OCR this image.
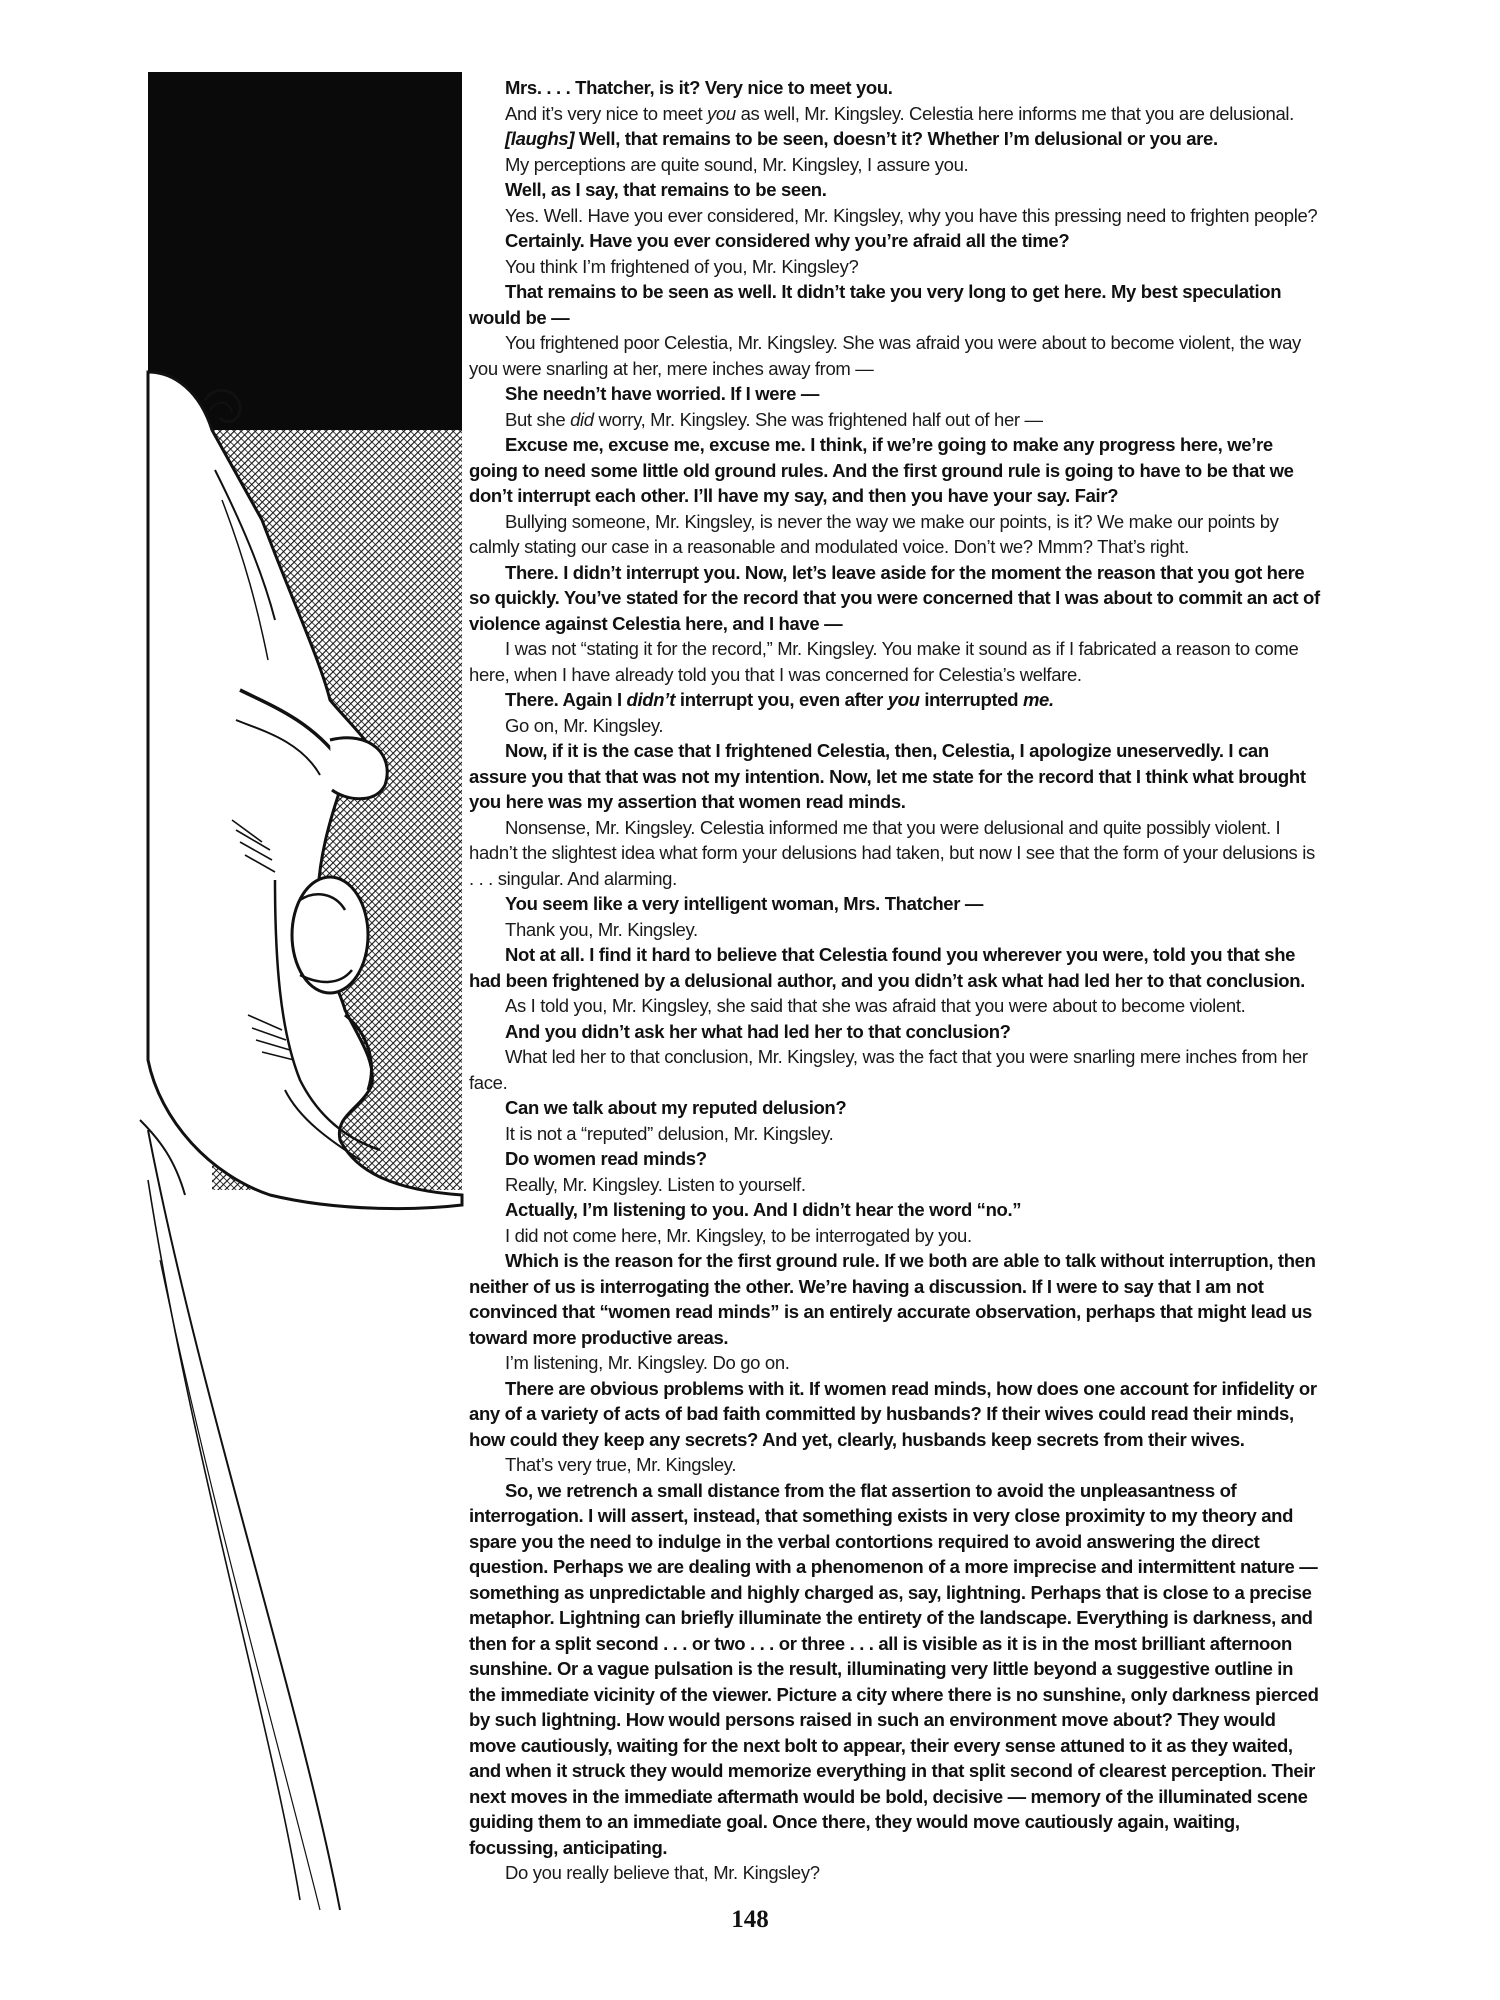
Mrs. . . . Thatcher, is it? Very nice to meet you.

And it’s very nice to meet you as well, Mr. Kingsley. Celestia here informs me that you are delusional.

[laughs] Well, that remains to be seen, doesn’t it? Whether I’m delusional or you are.

My perceptions are quite sound, Mr. Kingsley, I assure you.

Well, as I say, that remains to be seen.

Yes. Well. Have you ever considered, Mr. Kingsley, why you have this pressing need to frighten people?

Certainly. Have you ever considered why you’re afraid all the time?

You think I’m frightened of you, Mr. Kingsley?

That remains to be seen as well. It didn’t take you very long to get here. My best speculation would be —

You frightened poor Celestia, Mr. Kingsley. She was afraid you were about to become violent, the way you were snarling at her, mere inches away from —

She needn’t have worried. If I were —

But she did worry, Mr. Kingsley. She was frightened half out of her —

Excuse me, excuse me, excuse me. I think, if we’re going to make any progress here, we’re going to need some little old ground rules. And the first ground rule is going to have to be that we don’t interrupt each other. I’ll have my say, and then you have your say. Fair?

Bullying someone, Mr. Kingsley, is never the way we make our points, is it? We make our points by calmly stating our case in a reasonable and modulated voice. Don’t we? Mmm? That’s right.

There. I didn’t interrupt you. Now, let’s leave aside for the moment the reason that you got here so quickly. You’ve stated for the record that you were concerned that I was about to commit an act of violence against Celestia here, and I have —

I was not “stating it for the record,” Mr. Kingsley. You make it sound as if I fabricated a reason to come here, when I have already told you that I was concerned for Celestia’s welfare.

There. Again I didn’t interrupt you, even after you interrupted me.

Go on, Mr. Kingsley.

Now, if it is the case that I frightened Celestia, then, Celestia, I apologize uneservedly. I can assure you that that was not my intention. Now, let me state for the record that I think what brought you here was my assertion that women read minds.

Nonsense, Mr. Kingsley. Celestia informed me that you were delusional and quite possibly violent. I hadn’t the slightest idea what form your delusions had taken, but now I see that the form of your delusions is . . . singular. And alarming.

You seem like a very intelligent woman, Mrs. Thatcher —

Thank you, Mr. Kingsley.

Not at all. I find it hard to believe that Celestia found you wherever you were, told you that she had been frightened by a delusional author, and you didn’t ask what had led her to that conclusion.

As I told you, Mr. Kingsley, she said that she was afraid that you were about to become violent.

And you didn’t ask her what had led her to that conclusion?

What led her to that conclusion, Mr. Kingsley, was the fact that you were snarling mere inches from her face.

Can we talk about my reputed delusion?

It is not a “reputed” delusion, Mr. Kingsley.

Do women read minds?

Really, Mr. Kingsley. Listen to yourself.

Actually, I’m listening to you. And I didn’t hear the word “no.”

I did not come here, Mr. Kingsley, to be interrogated by you.

Which is the reason for the first ground rule. If we both are able to talk without interruption, then neither of us is interrogating the other. We’re having a discussion. If I were to say that I am not convinced that “women read minds” is an entirely accurate observation, perhaps that might lead us toward more productive areas.

I’m listening, Mr. Kingsley. Do go on.

There are obvious problems with it. If women read minds, how does one account for infidelity or any of a variety of acts of bad faith committed by husbands? If their wives could read their minds, how could they keep any secrets? And yet, clearly, husbands keep secrets from their wives.

That’s very true, Mr. Kingsley.

So, we retrench a small distance from the flat assertion to avoid the unpleasantness of interrogation. I will assert, instead, that something exists in very close proximity to my theory and spare you the need to indulge in the verbal contortions required to avoid answering the direct question. Perhaps we are dealing with a phenomenon of a more imprecise and intermittent nature — something as unpredictable and highly charged as, say, lightning. Perhaps that is close to a precise metaphor. Lightning can briefly illuminate the entirety of the landscape. Everything is darkness, and then for a split second . . . or two . . . or three . . . all is visible as it is in the most brilliant afternoon sunshine. Or a vague pulsation is the result, illuminating very little beyond a suggestive outline in the immediate vicinity of the viewer. Picture a city where there is no sunshine, only darkness pierced by such lightning. How would persons raised in such an environment move about? They would move cautiously, waiting for the next bolt to appear, their every sense attuned to it as they waited, and when it struck they would memorize everything in that split second of clearest perception. Their next moves in the immediate aftermath would be bold, decisive — memory of the illuminated scene guiding them to an immediate goal. Once there, they would move cautiously again, waiting, focussing, anticipating.

Do you really believe that, Mr. Kingsley?

148
